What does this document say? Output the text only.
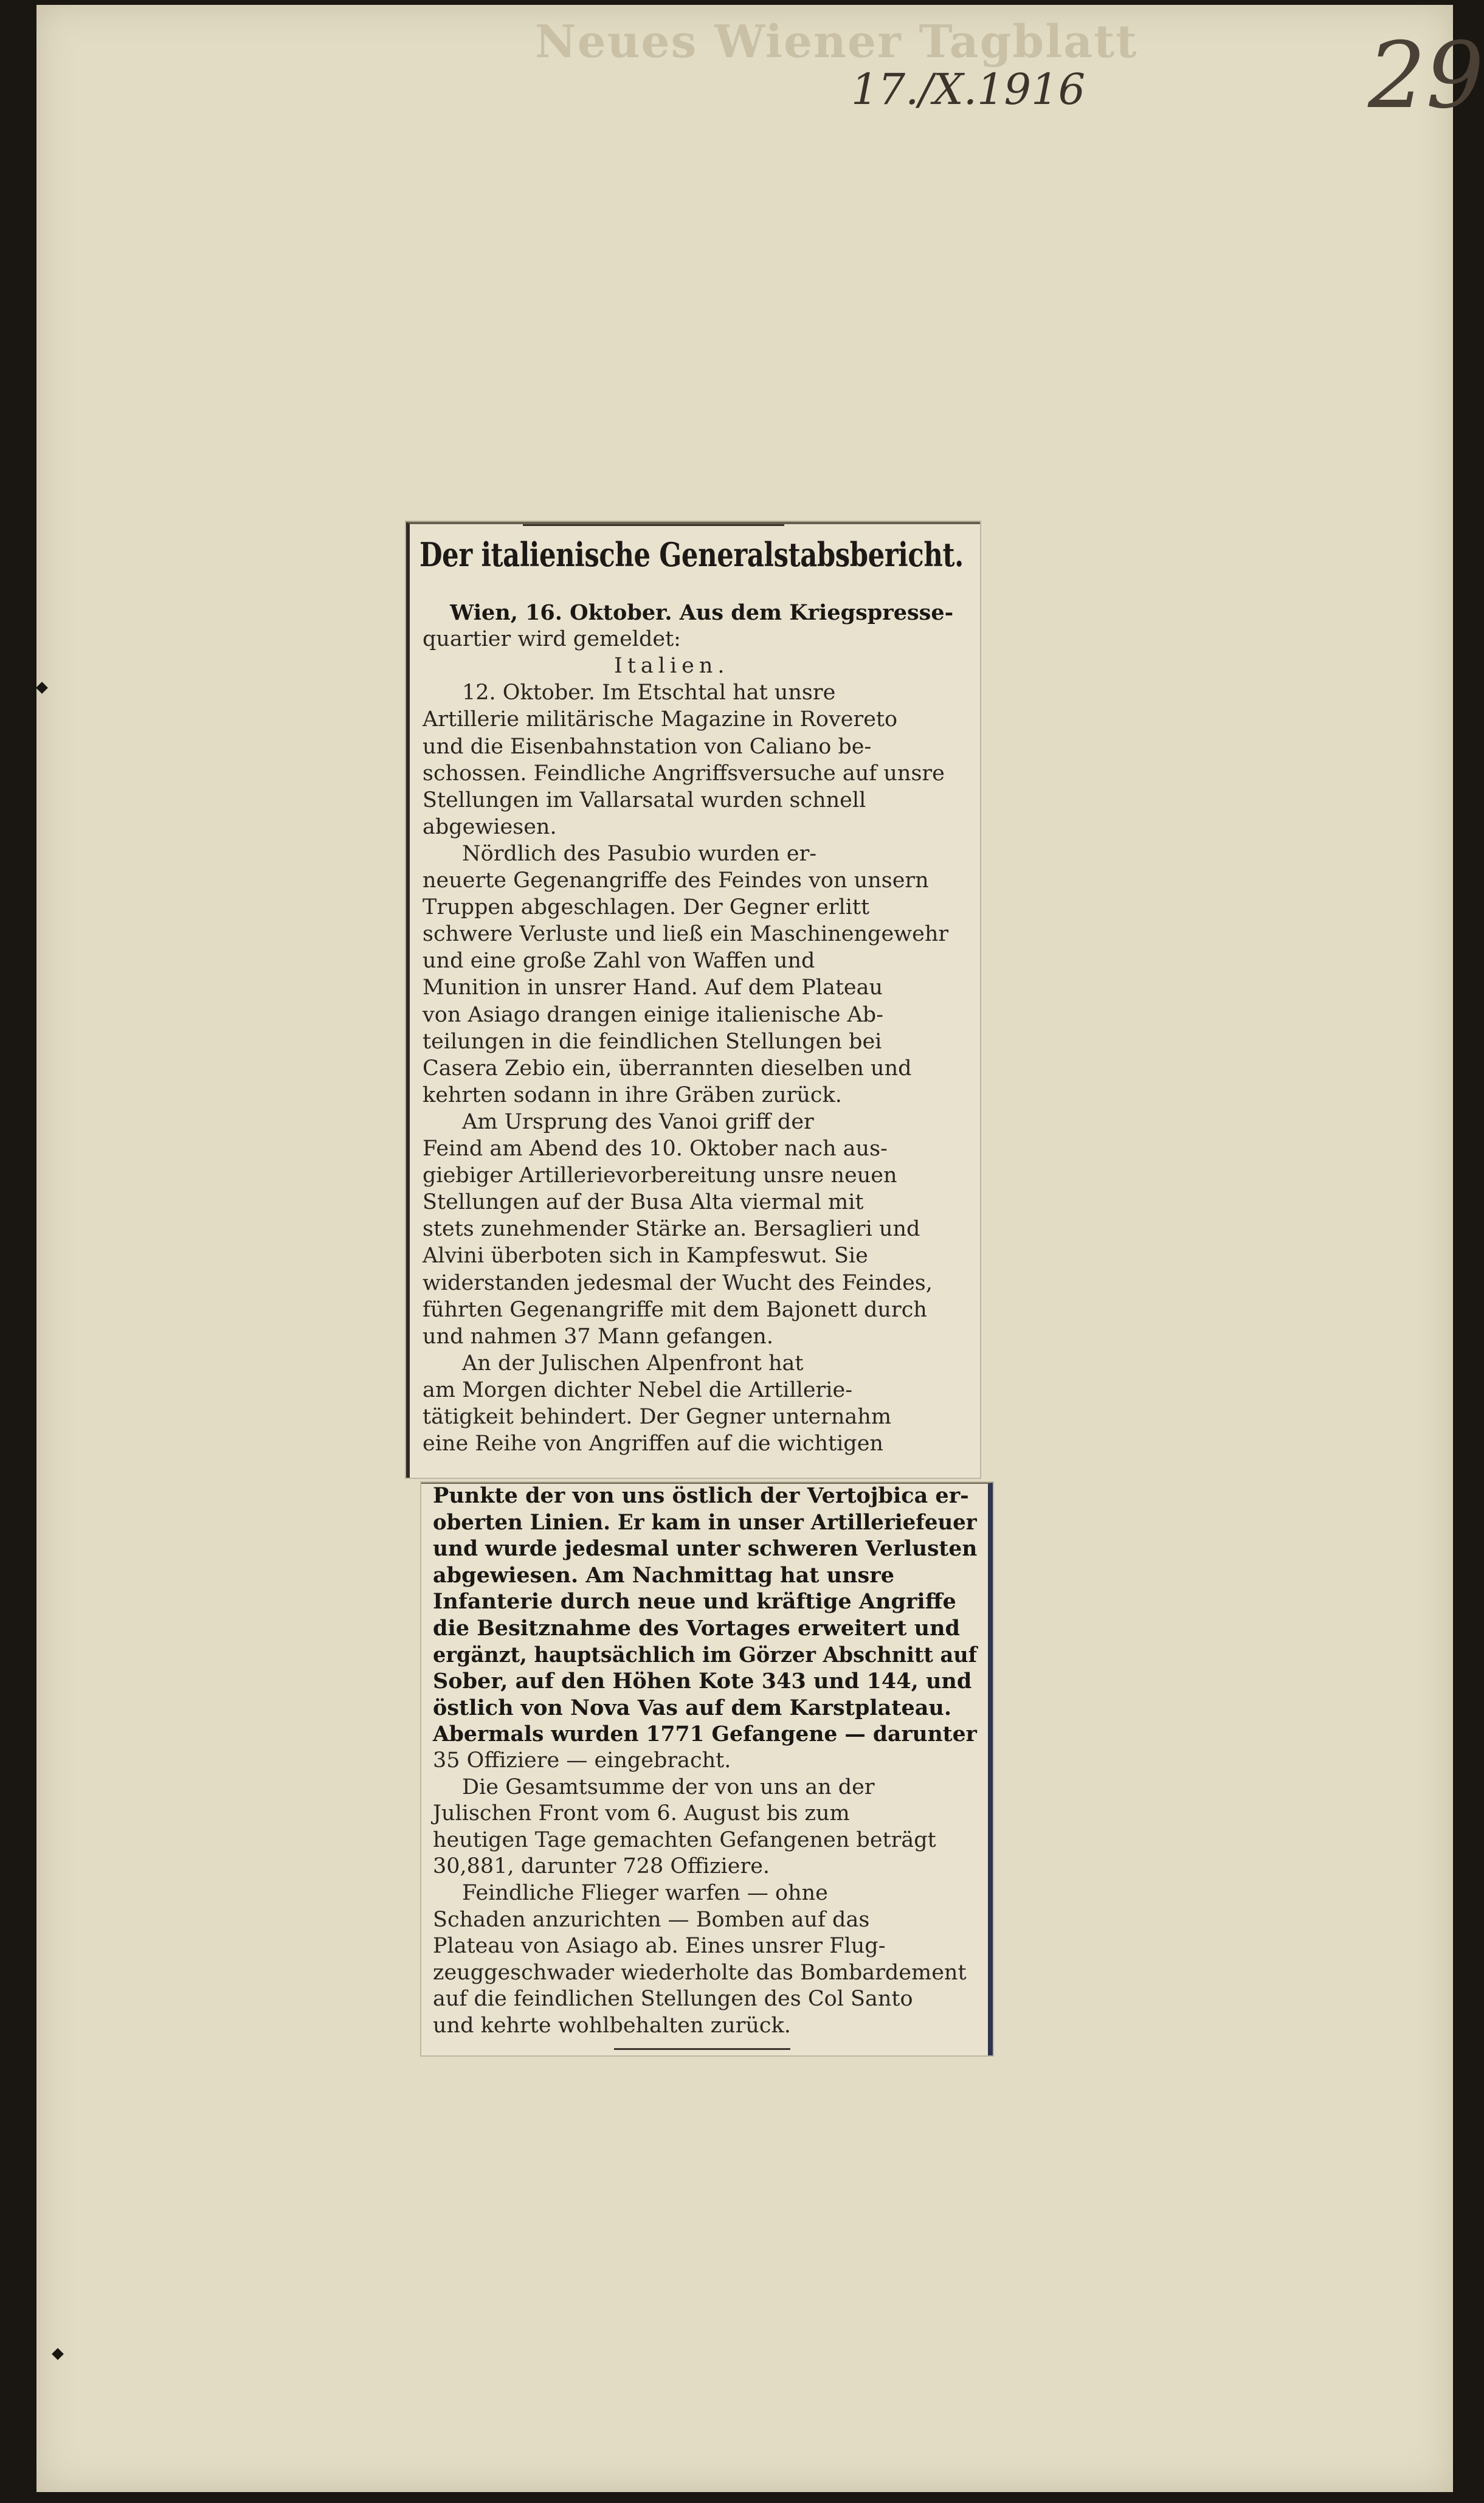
Neues Wiener Tagblatt
17./X.1916	29
Der italienische Generalstabsbericht.
Wien, 16. Oktober. Aus dem Kriegspresse-
quartier wird gemeldet:
Italien.
12. Oktober. Im Etschtal hat unsre
Artillerie militärische Magazine in Rovereto
und die Eisenbahnstation von Caliano be-
schossen. Feindliche Angriffsversuche auf unsre
Stellungen im Vallarsatal wurden schnell
abgewiesen.
Nördlich des Pasubio wurden er-
neuerte Gegenangriffe des Feindes von unsern
Truppen abgeschlagen. Der Gegner erlitt
schwere Verluste und ließ ein Maschinengewehr
und eine große Zahl von Waffen und
Munition in unsrer Hand. Auf dem Plateau
von Asiago drangen einige italienische Ab-
teilungen in die feindlichen Stellungen bei
Casera Zebio ein, überrannten dieselben und
kehrten sodann in ihre Gräben zurück.
Am Ursprung des Vanoi griff der
Feind am Abend des 10. Oktober nach aus-
giebiger Artillerievorbereitung unsre neuen
Stellungen auf der Busa Alta viermal mit
stets zunehmender Stärke an. Bersaglieri und
Alvini überboten sich in Kampfeswut. Sie
widerstanden jedesmal der Wucht des Feindes,
führten Gegenangriffe mit dem Bajonett durch
und nahmen 37 Mann gefangen.
An der Julischen Alpenfront hat
am Morgen dichter Nebel die Artillerie-
tätigkeit behindert. Der Gegner unternahm
eine Reihe von Angriffen auf die wichtigen
Punkte der von uns östlich der Vertojbica er-
oberten Linien. Er kam in unser Artilleriefeuer
und wurde jedesmal unter schweren Verlusten
abgewiesen. Am Nachmittag hat unsre
Infanterie durch neue und kräftige Angriffe
die Besitznahme des Vortages erweitert und
ergänzt, hauptsächlich im Görzer Abschnitt auf
Sober, auf den Höhen Kote 343 und 144, und
östlich von Nova Vas auf dem Karstplateau.
Abermals wurden 1771 Gefangene — darunter
35 Offiziere — eingebracht.
Die Gesamtsumme der von uns an der
Julischen Front vom 6. August bis zum
heutigen Tage gemachten Gefangenen beträgt
30,881, darunter 728 Offiziere.
Feindliche Flieger warfen — ohne
Schaden anzurichten — Bomben auf das
Plateau von Asiago ab. Eines unsrer Flug-
zeuggeschwader wiederholte das Bombardement
auf die feindlichen Stellungen des Col Santo
und kehrte wohlbehalten zurück.
